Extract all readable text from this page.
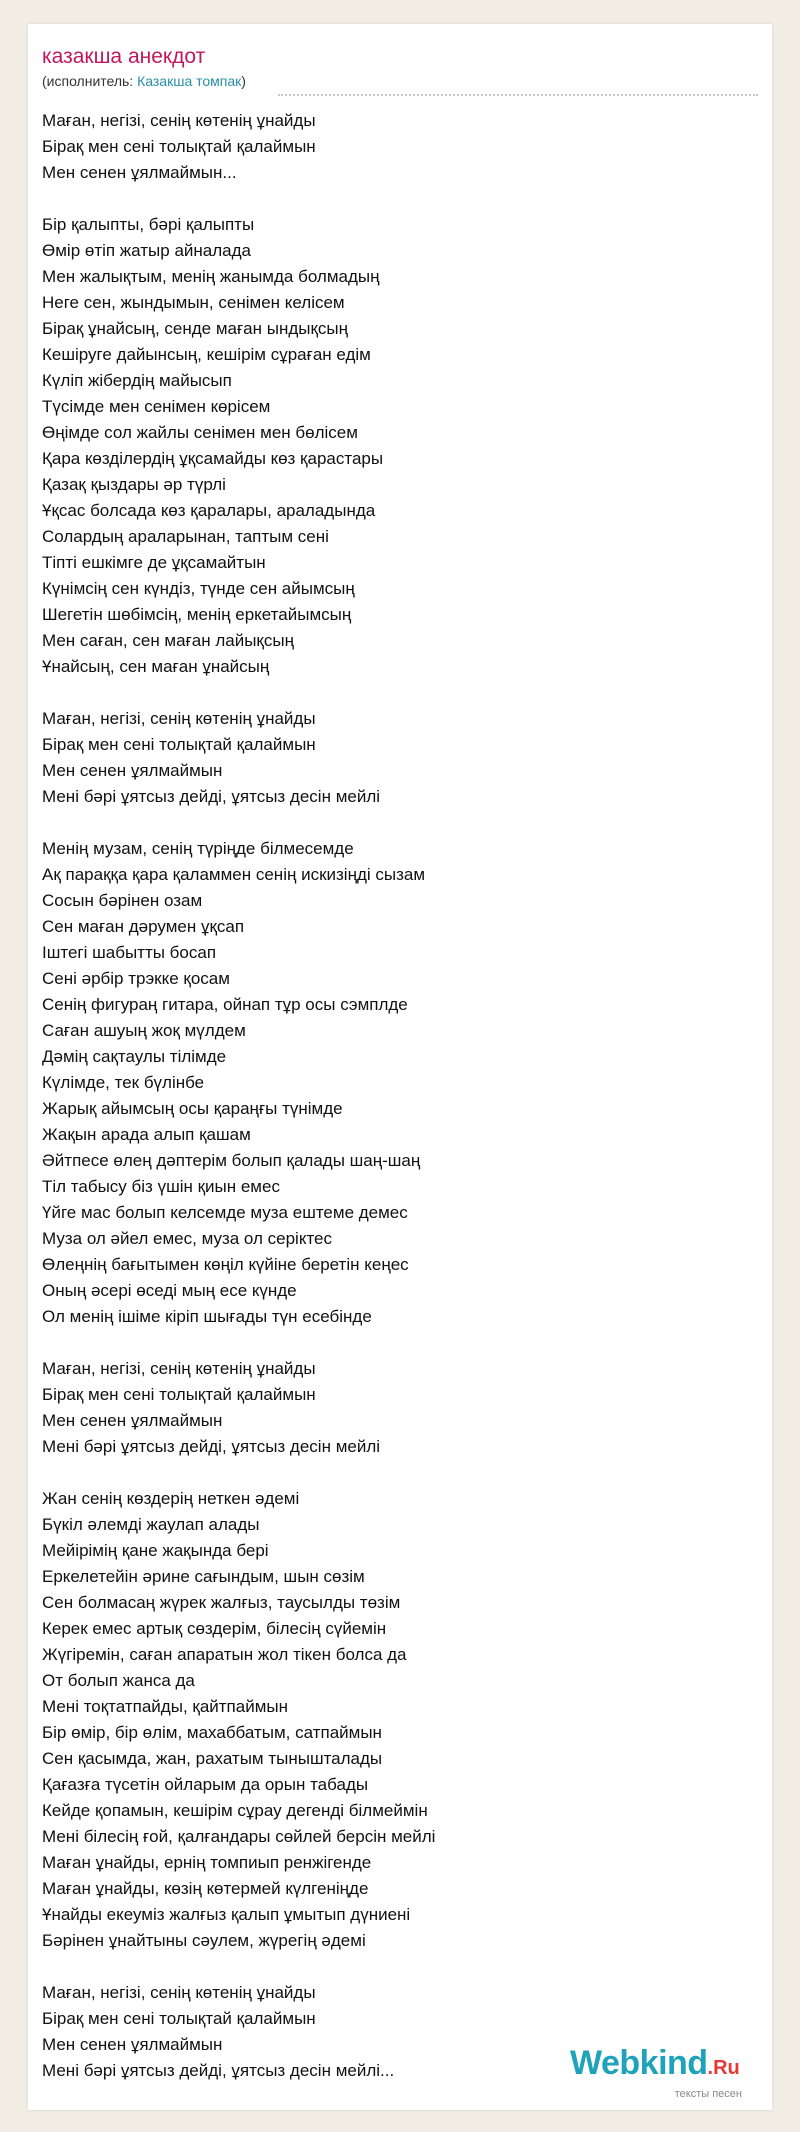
казакша анекдот
(исполнитель: Казакша томпак)
Маған, негізі, сенің көтенің ұнайды
Бірақ мен сені толықтай қалаймын
Мен сенен ұялмаймын...
Бір қалыпты, бәрі қалыпты
Өмір өтіп жатыр айналада
Мен жалықтым, менің жанымда болмадың
Неге сен, жындымын, сенімен келісем
Бірақ ұнайсың, сенде маған ындықсың
Кешіруге дайынсың, кешірім сұраған едім
Күліп жібердің майысып
Түсімде мен сенімен көрісем
Өңімде сол жайлы сенімен мен бөлісем
Қара көзділердің ұқсамайды көз қарастары
Қазақ қыздары әр түрлі
Ұқсас болсада көз қаралары, араладында
Солардың араларынан, таптым сені
Тіпті ешкімге де ұқсамайтын
Күнімсің сен күндіз, түнде сен айымсың
Шегетін шөбімсің, менің еркетайымсың
Мен саған, сен маған лайықсың
Ұнайсың, сен маған ұнайсың
Маған, негізі, сенің көтенің ұнайды
Бірақ мен сені толықтай қалаймын
Мен сенен ұялмаймын
Мені бәрі ұятсыз дейді, ұятсыз десін мейлі
Менің музам, сенің түріңде білмесемде
Ақ параққа қара қаламмен сенің искизіңді сызам
Сосын бәрінен озам
Сен маған дәрумен ұқсап
Іштегі шабытты босап
Сені әрбір трэкке қосам
Сенің фигураң гитара, ойнап тұр осы сэмплде
Саған ашуың жоқ мүлдем
Дәмің сақтаулы тілімде
Күлімде, тек бүлінбе
Жарық айымсың осы қараңғы түнімде
Жақын арада алып қашам
Әйтпесе өлең дәптерім болып қалады шаң-шаң
Тіл табысу біз үшін қиын емес
Үйге мас болып келсемде муза ештеме демес
Муза ол әйел емес, муза ол серіктес
Өлеңнің бағытымен көңіл күйіне беретін кеңес
Оның әсері өседі мың есе күнде
Ол менің ішіме кіріп шығады түн есебінде
Маған, негізі, сенің көтенің ұнайды
Бірақ мен сені толықтай қалаймын
Мен сенен ұялмаймын
Мені бәрі ұятсыз дейді, ұятсыз десін мейлі
Жан сенің көздерің неткен әдемі
Бүкіл әлемді жаулап алады
Мейірімің қане жақында бері
Еркелетейін әрине сағындым, шын сөзім
Сен болмасаң жүрек жалғыз, таусылды төзім
Керек емес артық сөздерім, білесің сүйемін
Жүгіремін, саған апаратын жол тікен болса да
От болып жанса да
Мені тоқтатпайды, қайтпаймын
Бір өмір, бір өлім, махаббатым, сатпаймын
Сен қасымда, жан, рахатым тынышталады
Қағазға түсетін ойларым да орын табады
Кейде қопамын, кешірім сұрау дегенді білмеймін
Мені білесің ғой, қалғандары сөйлей берсін мейлі
Маған ұнайды, ернің томпиып ренжігенде
Маған ұнайды, көзің көтермей күлгеніңде
Ұнайды екеуміз жалғыз қалып ұмытып дүниені
Бәрінен ұнайтыны сәулем, жүрегің әдемі
Маған, негізі, сенің көтенің ұнайды
Бірақ мен сені толықтай қалаймын
Мен сенен ұялмаймын
Мені бәрі ұятсыз дейді, ұятсыз десін мейлі...	Webkind.Ru
тексты песен
